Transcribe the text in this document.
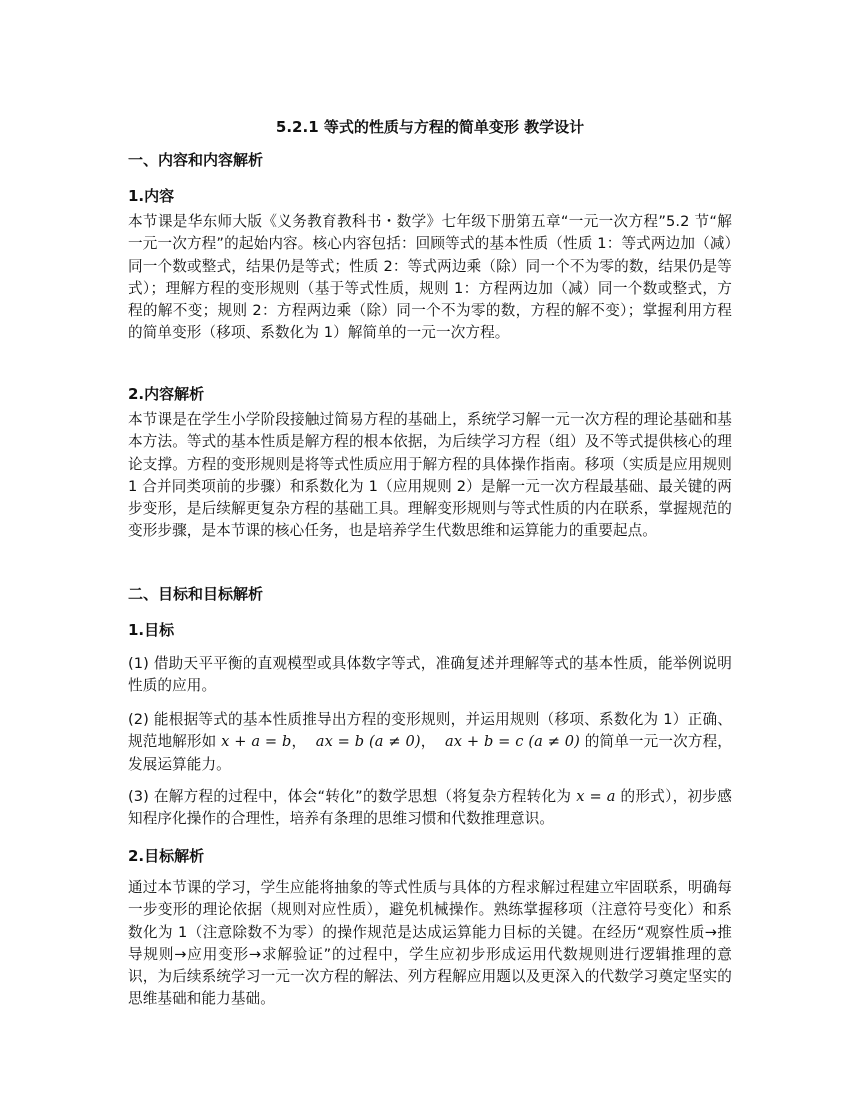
5.2.1 等式的性质与方程的简单变形 教学设计
一、内容和内容解析
1.内容
本节课是华东师大版《义务教育教科书・数学》七年级下册第五章“一元一次方程”5.2 节“解一元一次方程”的起始内容。核心内容包括：回顾等式的基本性质（性质 1：等式两边加（减）同一个数或整式，结果仍是等式；性质 2：等式两边乘（除）同一个不为零的数，结果仍是等式）；理解方程的变形规则（基于等式性质，规则 1：方程两边加（减）同一个数或整式，方程的解不变；规则 2：方程两边乘（除）同一个不为零的数，方程的解不变）；掌握利用方程的简单变形（移项、系数化为 1）解简单的一元一次方程。
2.内容解析
本节课是在学生小学阶段接触过简易方程的基础上，系统学习解一元一次方程的理论基础和基本方法。等式的基本性质是解方程的根本依据，为后续学习方程（组）及不等式提供核心的理论支撑。方程的变形规则是将等式性质应用于解方程的具体操作指南。移项（实质是应用规则 1 合并同类项前的步骤）和系数化为 1（应用规则 2）是解一元一次方程最基础、最关键的两步变形，是后续解更复杂方程的基础工具。理解变形规则与等式性质的内在联系，掌握规范的变形步骤，是本节课的核心任务，也是培养学生代数思维和运算能力的重要起点。
二、目标和目标解析
1.目标
(1) 借助天平平衡的直观模型或具体数字等式，准确复述并理解等式的基本性质，能举例说明性质的应用。
(2) 能根据等式的基本性质推导出方程的变形规则，并运用规则（移项、系数化为 1）正确、规范地解形如 x + a = b， ax = b (a ≠ 0)， ax + b = c (a ≠ 0) 的简单一元一次方程，发展运算能力。
(3) 在解方程的过程中，体会“转化”的数学思想（将复杂方程转化为 x = a 的形式），初步感知程序化操作的合理性，培养有条理的思维习惯和代数推理意识。
2.目标解析
通过本节课的学习，学生应能将抽象的等式性质与具体的方程求解过程建立牢固联系，明确每一步变形的理论依据（规则对应性质），避免机械操作。熟练掌握移项（注意符号变化）和系数化为 1（注意除数不为零）的操作规范是达成运算能力目标的关键。在经历“观察性质→推导规则→应用变形→求解验证”的过程中，学生应初步形成运用代数规则进行逻辑推理的意识，为后续系统学习一元一次方程的解法、列方程解应用题以及更深入的代数学习奠定坚实的思维基础和能力基础。
